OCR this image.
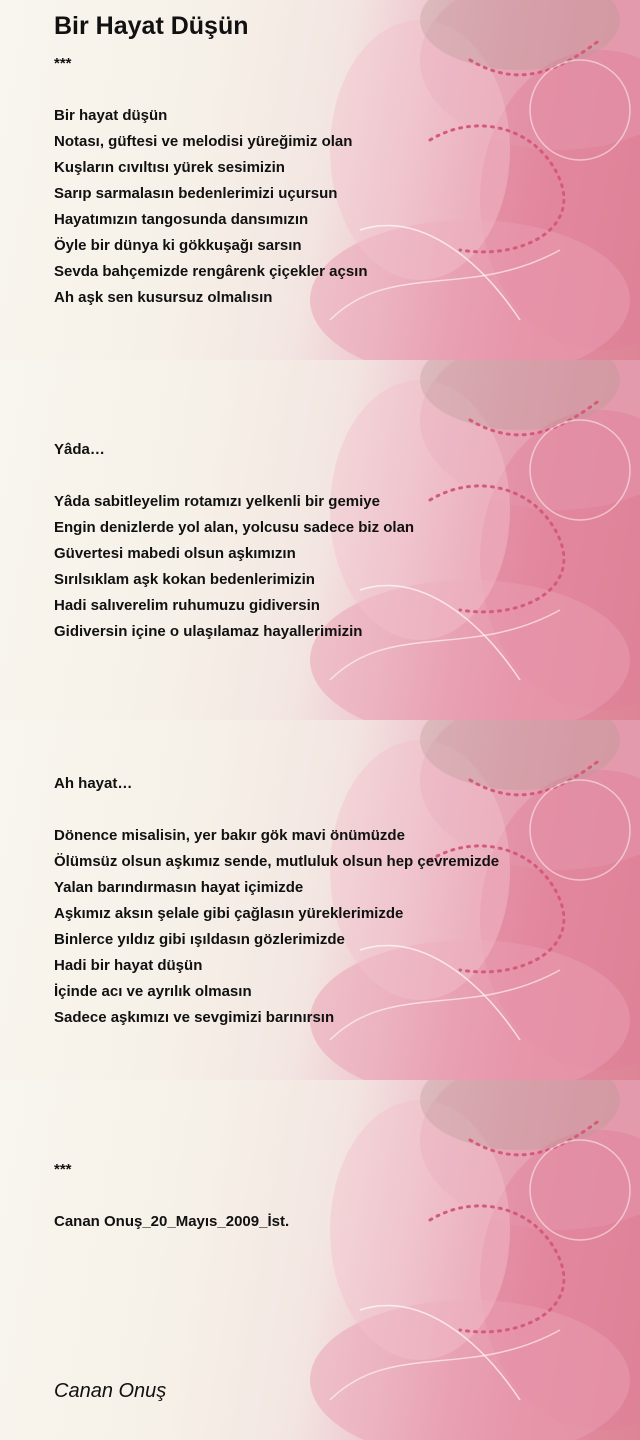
Bir Hayat Düşün
***
Bir hayat düşün
Notası, güftesi ve melodisi yüreğimiz olan
Kuşların cıvıltısı yürek sesimizin
Sarıp sarmalasın bedenlerimizi uçursun
Hayatımızın tangosunda dansımızın
Öyle bir dünya ki gökkuşağı sarsın
Sevda bahçemizde rengârenk çiçekler açsın
Ah aşk sen kusursuz olmalısın
Yâda…
Yâda sabitleyelim rotamızı yelkenli bir gemiye
Engin denizlerde yol alan, yolcusu sadece biz olan
Güvertesi mabedi olsun aşkımızın
Sırılsıklam aşk kokan bedenlerimizin
Hadi salıverelim ruhumuzu gidiversin
Gidiversin içine o ulaşılamaz hayallerimizin
Ah hayat…
Dönence misalisin, yer bakır gök mavi önümüzde
Ölümsüz olsun aşkımız sende, mutluluk olsun hep çevremizde
Yalan barındırmasın hayat içimizde
Aşkımız aksın şelale gibi çağlasın yüreklerimizde
Binlerce yıldız gibi ışıldasın gözlerimizde
Hadi bir hayat düşün
İçinde acı ve ayrılık olmasın
Sadece aşkımızı ve sevgimizi barınırsın
***
Canan Onuş_20_Mayıs_2009_İst.
Canan Onuş
